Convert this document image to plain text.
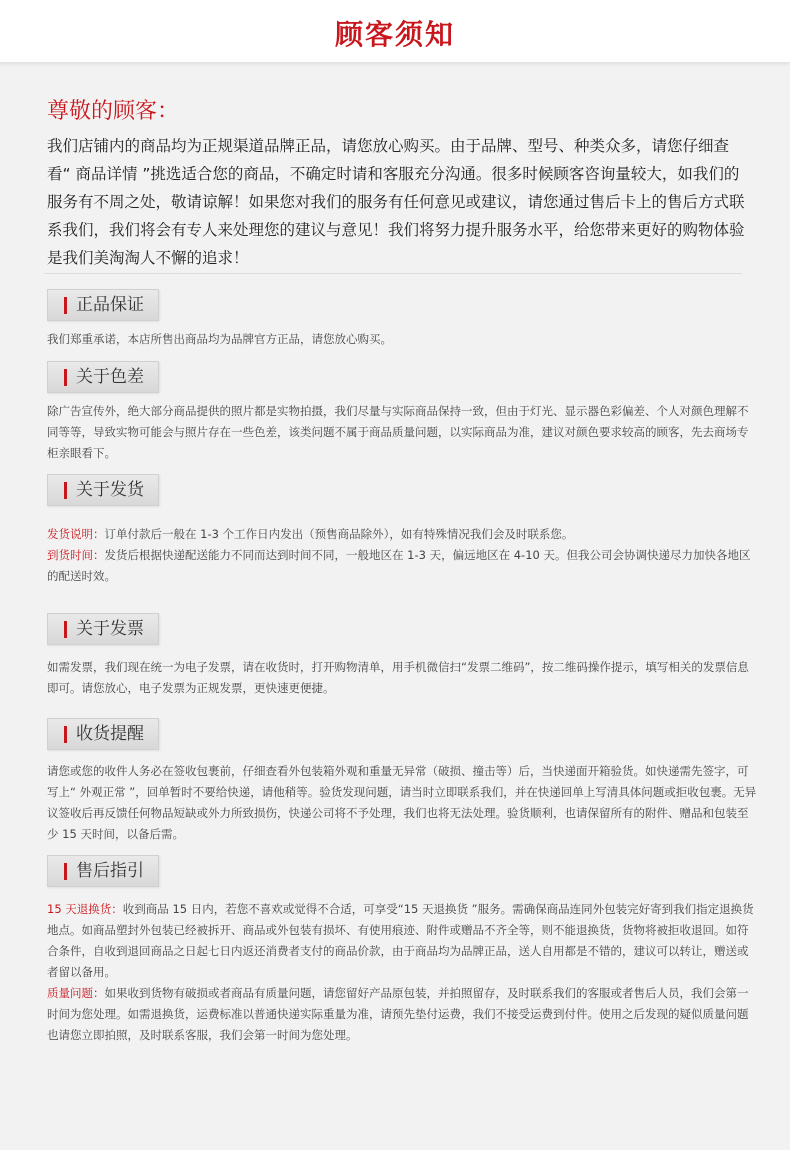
顾客须知

尊敬的顾客：

我们店铺内的商品均为正规渠道品牌正品，请您放心购买。由于品牌、型号、种类众多，请您仔细查看“ 商品详情 ”挑选适合您的商品，不确定时请和客服充分沟通。很多时候顾客咨询量较大，如我们的服务有不周之处，敬请谅解！如果您对我们的服务有任何意见或建议，请您通过售后卡上的售后方式联系我们，我们将会有专人来处理您的建议与意见！我们将努力提升服务水平，给您带来更好的购物体验是我们美淘淘人不懈的追求！

正品保证

我们郑重承诺，本店所售出商品均为品牌官方正品，请您放心购买。

关于色差

除广告宣传外，绝大部分商品提供的照片都是实物拍摄，我们尽量与实际商品保持一致，但由于灯光、显示器色彩偏差、个人对颜色理解不同等等，导致实物可能会与照片存在一些色差，该类问题不属于商品质量问题，以实际商品为准，建议对颜色要求较高的顾客，先去商场专柜亲眼看下。

关于发货

发货说明：订单付款后一般在 1-3 个工作日内发出（预售商品除外），如有特殊情况我们会及时联系您。

到货时间：发货后根据快递配送能力不同而达到时间不同，一般地区在 1-3 天，偏远地区在 4-10 天。但我公司会协调快递尽力加快各地区的配送时效。

关于发票

如需发票，我们现在统一为电子发票，请在收货时，打开购物清单，用手机微信扫“发票二维码”，按二维码操作提示，填写相关的发票信息即可。请您放心，电子发票为正规发票，更快速更便捷。

收货提醒

请您或您的收件人务必在签收包裹前，仔细查看外包装箱外观和重量无异常（破损、撞击等）后，当快递面开箱验货。如快递需先签字，可写上“ 外观正常 ”，回单暂时不要给快递，请他稍等。验货发现问题，请当时立即联系我们，并在快递回单上写清具体问题或拒收包裹。无异议签收后再反馈任何物品短缺或外力所致损伤，快递公司将不予处理，我们也将无法处理。验货顺利，也请保留所有的附件、赠品和包装至少 15 天时间，以备后需。

售后指引

15 天退换货：收到商品 15 日内，若您不喜欢或觉得不合适，可享受“15 天退换货 ”服务。需确保商品连同外包装完好寄到我们指定退换货地点。如商品塑封外包装已经被拆开、商品或外包装有损坏、有使用痕迹、附件或赠品不齐全等，则不能退换货，货物将被拒收退回。如符合条件，自收到退回商品之日起七日内返还消费者支付的商品价款，由于商品均为品牌正品，送人自用都是不错的，建议可以转让，赠送或者留以备用。

质量问题：如果收到货物有破损或者商品有质量问题，请您留好产品原包装，并拍照留存，及时联系我们的客服或者售后人员，我们会第一时间为您处理。如需退换货，运费标准以普通快递实际重量为准，请预先垫付运费，我们不接受运费到付件。使用之后发现的疑似质量问题也请您立即拍照，及时联系客服，我们会第一时间为您处理。
